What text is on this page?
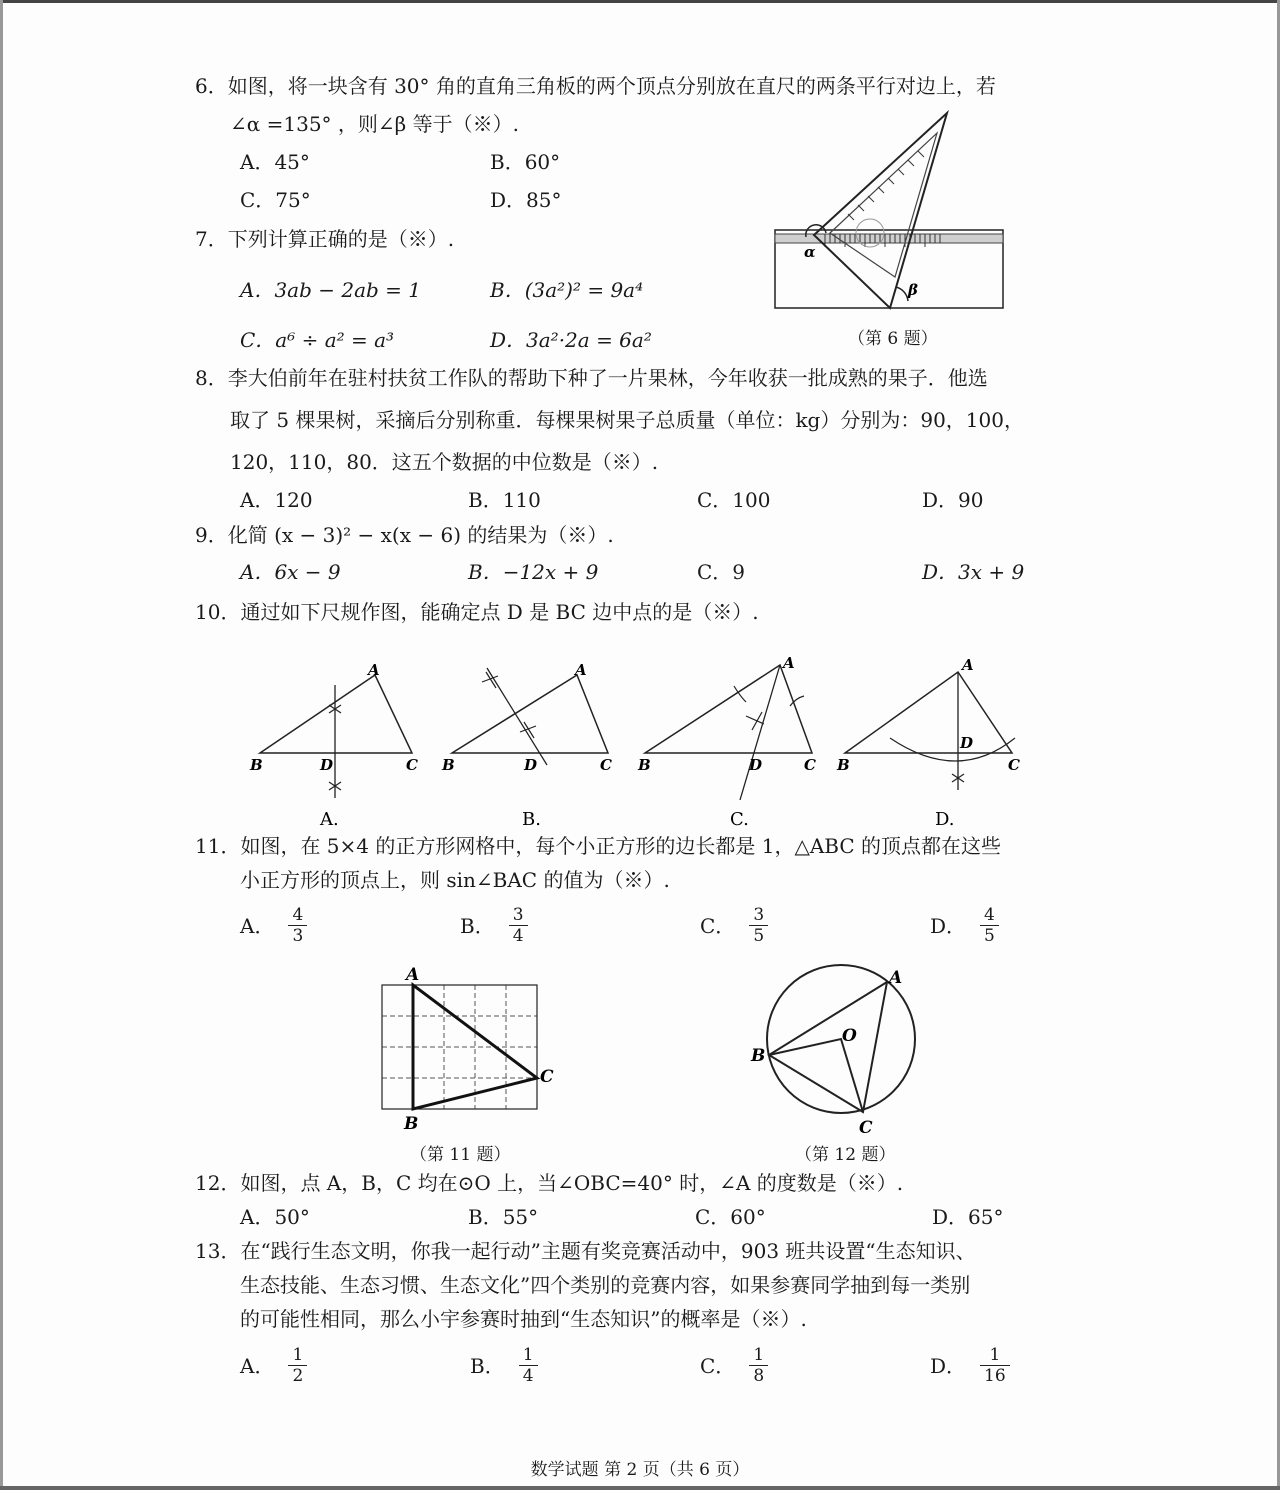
6．如图，将一块含有 30° 角的直角三角板的两个顶点分别放在直尺的两条平行对边上，若
∠α =135° ，则∠β 等于（※）.
A．45°	B．60°
C．75°	D．85°
α
β
（第 6 题）
7．下列计算正确的是（※）.
A．3ab − 2ab = 1	B．(3a²)² = 9a⁴
C．a⁶ ÷ a² = a³	D．3a²·2a = 6a²
8．李大伯前年在驻村扶贫工作队的帮助下种了一片果林，今年收获一批成熟的果子．他选
取了 5 棵果树，采摘后分别称重．每棵果树果子总质量（单位：kg）分别为：90，100，
120，110，80．这五个数据的中位数是（※）.
A．120	B．110	C．100	D．90
9．化简 (x − 3)² − x(x − 6) 的结果为（※）.
A．6x − 9	B．−12x + 9	C．9	D．3x + 9
10．通过如下尺规作图，能确定点 D 是 BC 边中点的是（※）.
A
B	D	C
A.
A
B	D	C
B.
A
B	D	C
C.
A
B
D
C
D.
11．如图，在 5×4 的正方形网格中，每个小正方形的边长都是 1，△ABC 的顶点都在这些
小正方形的顶点上，则 sin∠BAC 的值为（※）.
A． $\frac{4}{3}$	B． $\frac{3}{4}$	C． $\frac{3}{5}$	D． $\frac{4}{5}$
A
B
C
（第 11 题）
A
B
C
O
（第 12 题）
12．如图，点 A，B，C 均在⊙O 上，当∠OBC=40° 时，∠A 的度数是（※）.
A．50°	B．55°	C．60°	D．65°
13．在“践行生态文明，你我一起行动”主题有奖竞赛活动中，903 班共设置“生态知识、
生态技能、生态习惯、生态文化”四个类别的竞赛内容，如果参赛同学抽到每一类别
的可能性相同，那么小宇参赛时抽到“生态知识”的概率是（※）.
A． $\frac{1}{2}$	B． $\frac{1}{4}$	C． $\frac{1}{8}$	D． $\frac{1}{16}$
数学试题 第 2 页（共 6 页）
